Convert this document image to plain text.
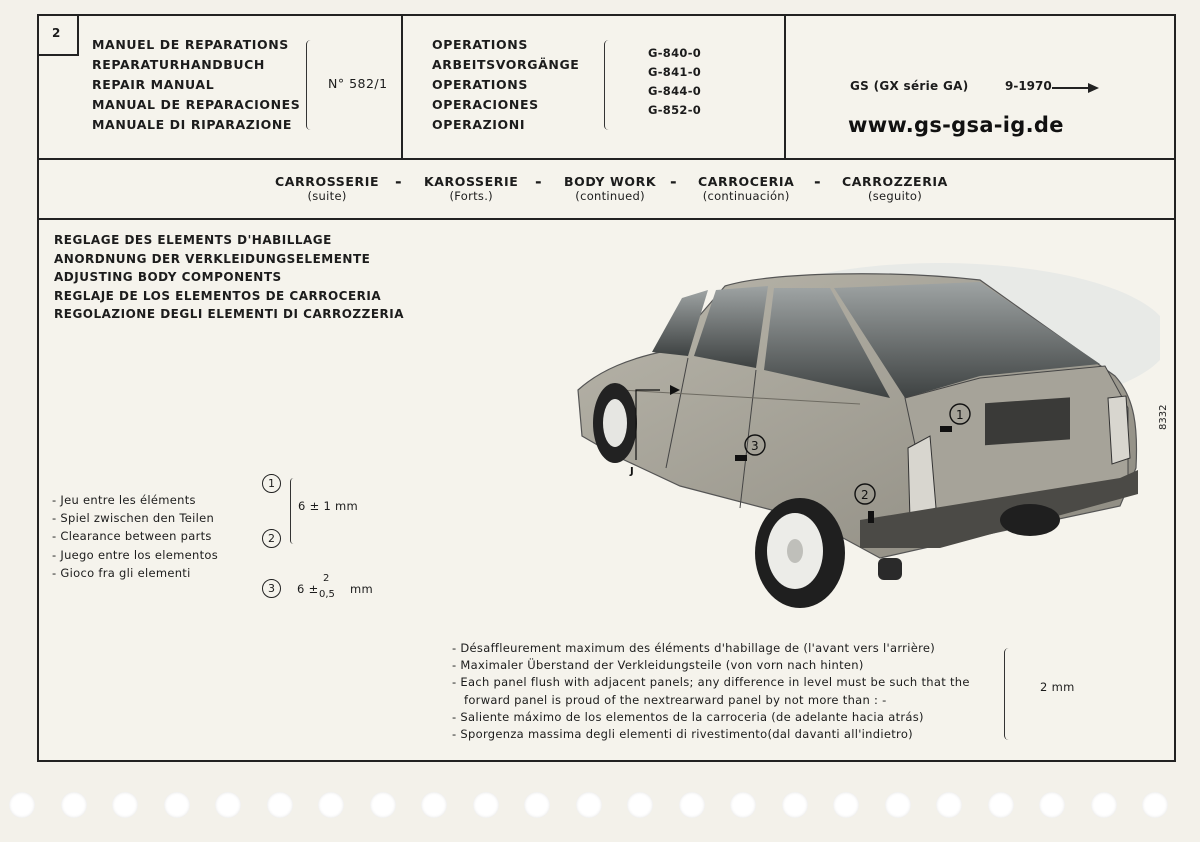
2
MANUEL DE REPARATIONS
REPARATURHANDBUCH
REPAIR MANUAL
MANUAL DE REPARACIONES
MANUALE DI RIPARAZIONE
N° 582/1
OPERATIONS
ARBEITSVORGÄNGE
OPERATIONS
OPERACIONES
OPERAZIONI
G-840-0
G-841-0
G-844-0
G-852-0
GS (GX série GA)	9-1970
www.gs-gsa-ig.de
CARROSSERIE
(suite)
- KAROSSERIE
(Forts.)
- BODY WORK
(continued)
- CARROCERIA
(continuación)
- CARROZZERIA
(seguito)
REGLAGE DES ELEMENTS D'HABILLAGE
ANORDNUNG DER VERKLEIDUNGSELEMENTE
ADJUSTING BODY COMPONENTS
REGLAJE DE LOS ELEMENTOS DE CARROCERIA
REGOLAZIONE DEGLI ELEMENTI DI CARROZZERIA
- Jeu entre les éléments
- Spiel zwischen den Teilen
- Clearance between parts
- Juego entre los elementos
- Gioco fra gli elementi
1
2
6 ± 1 mm
3	6 ±
2
0,5 mm
3
2
1
J
8332
- Désaffleurement maximum des éléments d'habillage de (l'avant vers l'arrière)
- Maximaler Überstand der Verkleidungsteile (von vorn nach hinten)
- Each panel flush with adjacent panels; any difference in level must be such that the
forward panel is proud of the nextrearward panel by not more than : -
- Saliente máximo de los elementos de la carroceria (de adelante hacia atrás)
- Sporgenza massima degli elementi di rivestimento(dal davanti all'indietro)
2 mm
